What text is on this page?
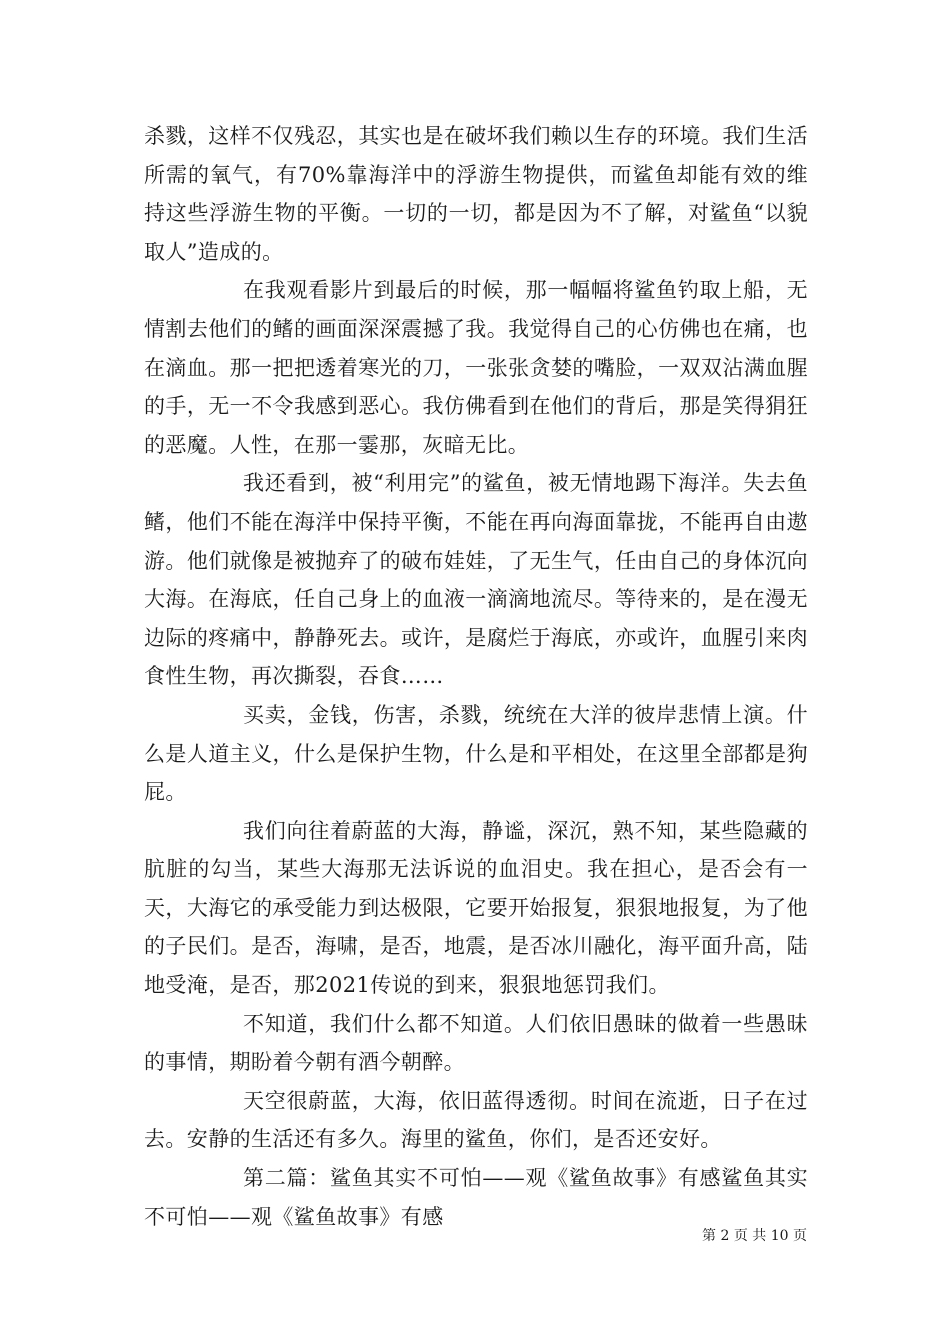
杀戮，这样不仅残忍，其实也是在破坏我们赖以生存的环境。我们生活所需的氧气，有70%靠海洋中的浮游生物提供，而鲨鱼却能有效的维持这些浮游生物的平衡。一切的一切，都是因为不了解，对鲨鱼“以貌取人”造成的。

在我观看影片到最后的时候，那一幅幅将鲨鱼钓取上船，无情割去他们的鳍的画面深深震撼了我。我觉得自己的心仿佛也在痛，也在滴血。那一把把透着寒光的刀，一张张贪婪的嘴脸，一双双沾满血腥的手，无一不令我感到恶心。我仿佛看到在他们的背后，那是笑得狷狂的恶魔。人性，在那一霎那，灰暗无比。

我还看到，被“利用完”的鲨鱼，被无情地踢下海洋。失去鱼鳍，他们不能在海洋中保持平衡，不能在再向海面靠拢，不能再自由遨游。他们就像是被抛弃了的破布娃娃，了无生气，任由自己的身体沉向大海。在海底，任自己身上的血液一滴滴地流尽。等待来的，是在漫无边际的疼痛中，静静死去。或许，是腐烂于海底，亦或许，血腥引来肉食性生物，再次撕裂，吞食……

买卖，金钱，伤害，杀戮，统统在大洋的彼岸悲情上演。什么是人道主义，什么是保护生物，什么是和平相处，在这里全部都是狗屁。

我们向往着蔚蓝的大海，静谧，深沉，熟不知，某些隐藏的肮脏的勾当，某些大海那无法诉说的血泪史。我在担心，是否会有一天，大海它的承受能力到达极限，它要开始报复，狠狠地报复，为了他的子民们。是否，海啸，是否，地震，是否冰川融化，海平面升高，陆地受淹，是否，那2021传说的到来，狠狠地惩罚我们。

不知道，我们什么都不知道。人们依旧愚昧的做着一些愚昧的事情，期盼着今朝有酒今朝醉。

天空很蔚蓝，大海，依旧蓝得透彻。时间在流逝，日子在过去。安静的生活还有多久。海里的鲨鱼，你们，是否还安好。

第二篇：鲨鱼其实不可怕——观《鲨鱼故事》有感鲨鱼其实不可怕——观《鲨鱼故事》有感

第 2 页 共 10 页
